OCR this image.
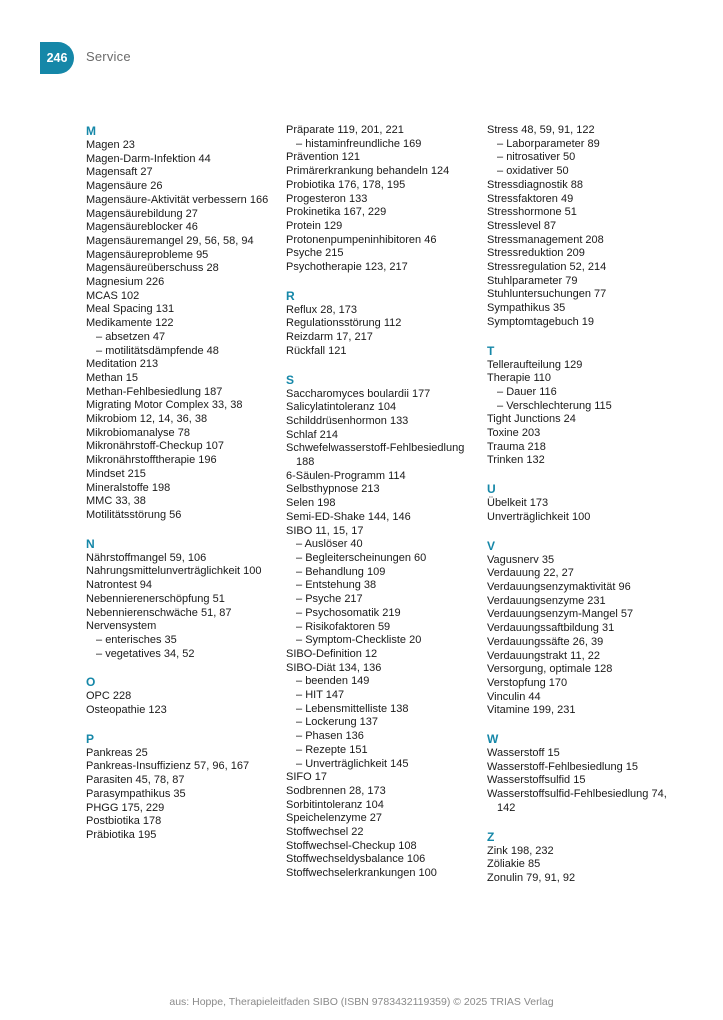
246	Service
M
Magen 23
Magen-Darm-Infektion 44
Magensaft 27
Magensäure 26
Magensäure-Aktivität verbessern 166
Magensäurebildung 27
Magensäureblocker 46
Magensäuremangel 29, 56, 58, 94
Magensäureprobleme 95
Magensäureüberschuss 28
Magnesium 226
MCAS 102
Meal Spacing 131
Medikamente 122
– absetzen 47
– motilitätsdämpfende 48
Meditation 213
Methan 15
Methan-Fehlbesiedlung 187
Migrating Motor Complex 33, 38
Mikrobiom 12, 14, 36, 38
Mikrobiomanalyse 78
Mikronährstoff-Checkup 107
Mikronährstofftherapie 196
Mindset 215
Mineralstoffe 198
MMC 33, 38
Motilitätsstörung 56
N
Nährstoffmangel 59, 106
Nahrungsmittelunverträglichkeit 100
Natrontest 94
Nebennierenerschöpfung 51
Nebennierenschwäche 51, 87
Nervensystem
– enterisches 35
– vegetatives 34, 52
O
OPC 228
Osteopathie 123
P
Pankreas 25
Pankreas-Insuffizienz 57, 96, 167
Parasiten 45, 78, 87
Parasympathikus 35
PHGG 175, 229
Postbiotika 178
Präbiotika 195
Präparate 119, 201, 221
– histaminfreundliche 169
Prävention 121
Primärerkrankung behandeln 124
Probiotika 176, 178, 195
Progesteron 133
Prokinetika 167, 229
Protein 129
Protonenpumpeninhibitoren 46
Psyche 215
Psychotherapie 123, 217
R
Reflux 28, 173
Regulationsstörung 112
Reizdarm 17, 217
Rückfall 121
S
Saccharomyces boulardii 177
Salicylatintoleranz 104
Schilddrüsenhormon 133
Schlaf 214
Schwefelwasserstoff-Fehlbesiedlung 188
6-Säulen-Programm 114
Selbsthypnose 213
Selen 198
Semi-ED-Shake 144, 146
SIBO 11, 15, 17
– Auslöser 40
– Begleiterscheinungen 60
– Behandlung 109
– Entstehung 38
– Psyche 217
– Psychosomatik 219
– Risikofaktoren 59
– Symptom-Checkliste 20
SIBO-Definition 12
SIBO-Diät 134, 136
– beenden 149
– HIT 147
– Lebensmittelliste 138
– Lockerung 137
– Phasen 136
– Rezepte 151
– Unverträglichkeit 145
SIFO 17
Sodbrennen 28, 173
Sorbitintoleranz 104
Speichelenzyme 27
Stoffwechsel 22
Stoffwechsel-Checkup 108
Stoffwechseldysbalance 106
Stoffwechselerkrankungen 100
Stress 48, 59, 91, 122
– Laborparameter 89
– nitrosativer 50
– oxidativer 50
Stressdiagnostik 88
Stressfaktoren 49
Stresshormone 51
Stresslevel 87
Stressmanagement 208
Stressreduktion 209
Stressregulation 52, 214
Stuhlparameter 79
Stuhluntersuchungen 77
Sympathikus 35
Symptomtagebuch 19
T
Telleraufteilung 129
Therapie 110
– Dauer 116
– Verschlechterung 115
Tight Junctions 24
Toxine 203
Trauma 218
Trinken 132
U
Übelkeit 173
Unverträglichkeit 100
V
Vagusnerv 35
Verdauung 22, 27
Verdauungsenzymaktivität 96
Verdauungsenzyme 231
Verdauungsenzym-Mangel 57
Verdauungssaftbildung 31
Verdauungssäfte 26, 39
Verdauungstrakt 11, 22
Versorgung, optimale 128
Verstopfung 170
Vinculin 44
Vitamine 199, 231
W
Wasserstoff 15
Wasserstoff-Fehlbesiedlung 15
Wasserstoffsulfid 15
Wasserstoffsulfid-Fehlbesiedlung 74, 142
Z
Zink 198, 232
Zöliakie 85
Zonulin 79, 91, 92
aus: Hoppe, Therapieleitfaden SIBO (ISBN 9783432119359) © 2025 TRIAS Verlag
